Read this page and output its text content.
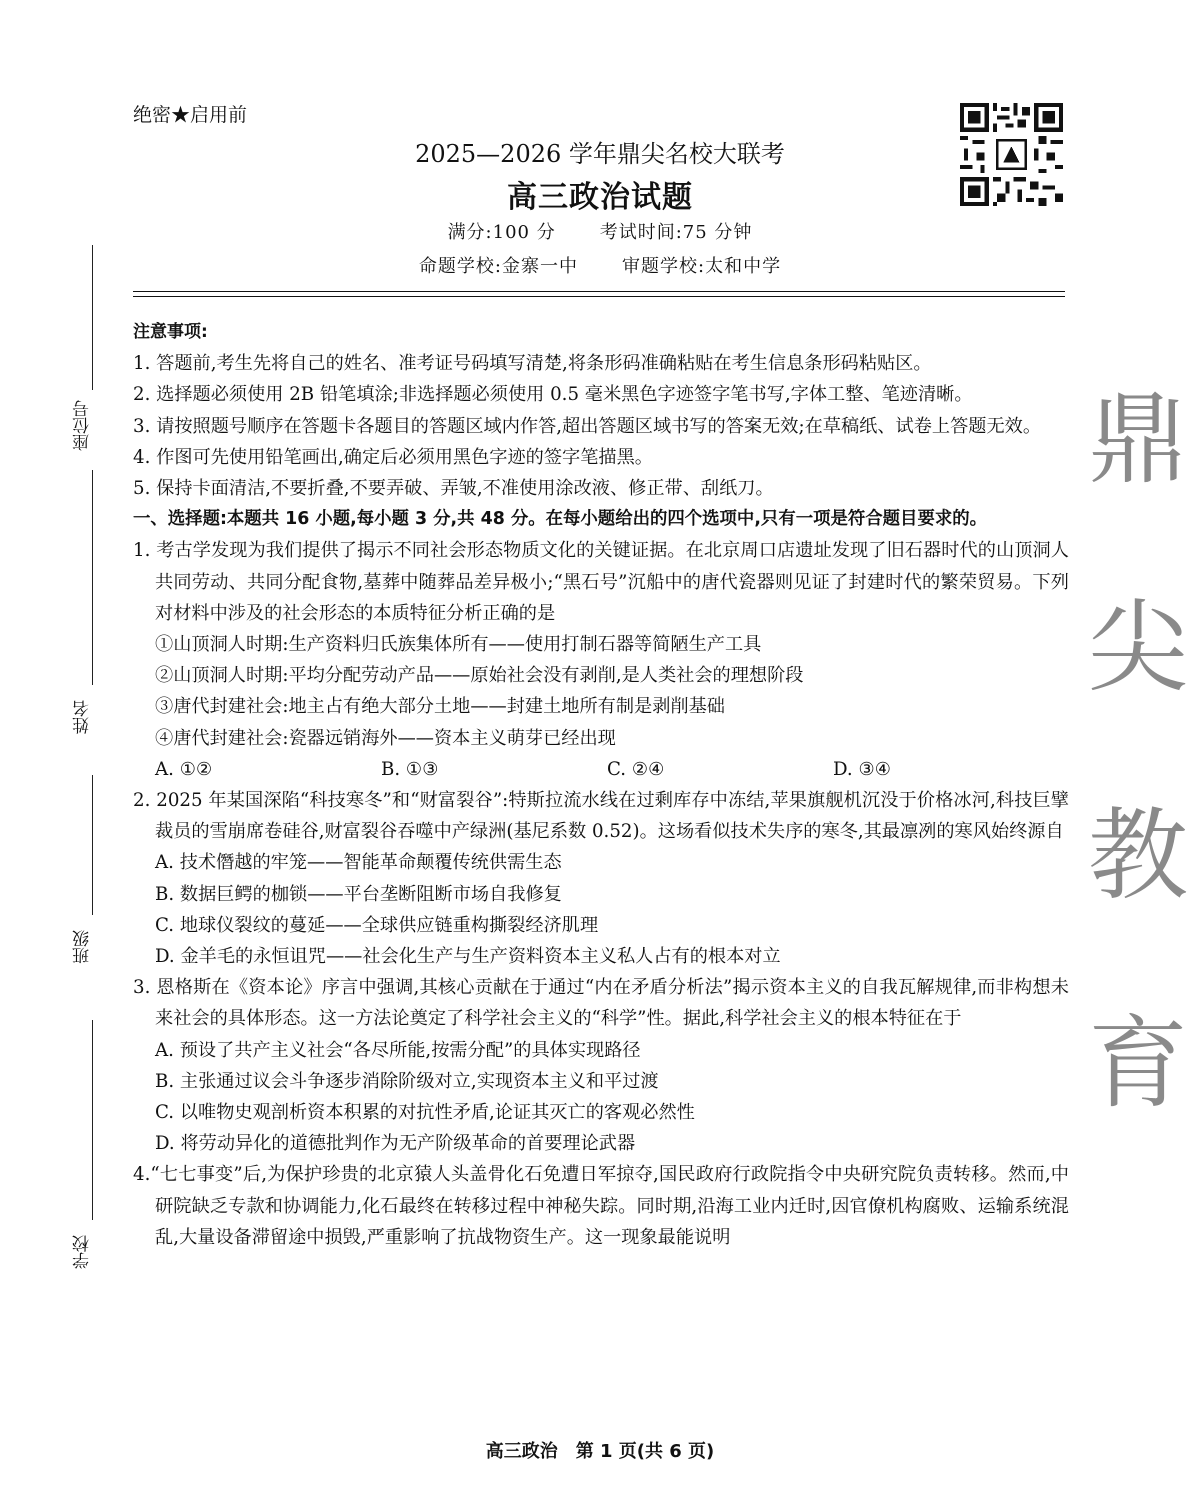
绝密★启用前
2025—2026 学年鼎尖名校大联考
高三政治试题
满分:100 分 考试时间:75 分钟
命题学校:金寨一中 审题学校:太和中学
座位号
姓名
班级
学校
鼎
尖
教
育

注意事项:

1. 答题前,考生先将自己的姓名、准考证号码填写清楚,将条形码准确粘贴在考生信息条形码粘贴区。

2. 选择题必须使用 2B 铅笔填涂;非选择题必须使用 0.5 毫米黑色字迹签字笔书写,字体工整、笔迹清晰。

3. 请按照题号顺序在答题卡各题目的答题区域内作答,超出答题区域书写的答案无效;在草稿纸、试卷上答题无效。

4. 作图可先使用铅笔画出,确定后必须用黑色字迹的签字笔描黑。

5. 保持卡面清洁,不要折叠,不要弄破、弄皱,不准使用涂改液、修正带、刮纸刀。

一、选择题:本题共 16 小题,每小题 3 分,共 48 分。在每小题给出的四个选项中,只有一项是符合题目要求的。

1. 考古学发现为我们提供了揭示不同社会形态物质文化的关键证据。在北京周口店遗址发现了旧石器时代的山顶洞人共同劳动、共同分配食物,墓葬中随葬品差异极小;“黑石号”沉船中的唐代瓷器则见证了封建时代的繁荣贸易。下列对材料中涉及的社会形态的本质特征分析正确的是

①山顶洞人时期:生产资料归氏族集体所有——使用打制石器等简陋生产工具

②山顶洞人时期:平均分配劳动产品——原始社会没有剥削,是人类社会的理想阶段

③唐代封建社会:地主占有绝大部分土地——封建土地所有制是剥削基础

④唐代封建社会:瓷器远销海外——资本主义萌芽已经出现

A. ①②	B. ①③	C. ②④	D. ③④

2. 2025 年某国深陷“科技寒冬”和“财富裂谷”:特斯拉流水线在过剩库存中冻结,苹果旗舰机沉没于价格冰河,科技巨擘裁员的雪崩席卷硅谷,财富裂谷吞噬中产绿洲(基尼系数 0.52)。这场看似技术失序的寒冬,其最凛冽的寒风始终源自

A. 技术僭越的牢笼——智能革命颠覆传统供需生态

B. 数据巨鳄的枷锁——平台垄断阻断市场自我修复

C. 地球仪裂纹的蔓延——全球供应链重构撕裂经济肌理

D. 金羊毛的永恒诅咒——社会化生产与生产资料资本主义私人占有的根本对立

3. 恩格斯在《资本论》序言中强调,其核心贡献在于通过“内在矛盾分析法”揭示资本主义的自我瓦解规律,而非构想未来社会的具体形态。这一方法论奠定了科学社会主义的“科学”性。据此,科学社会主义的根本特征在于

A. 预设了共产主义社会“各尽所能,按需分配”的具体实现路径

B. 主张通过议会斗争逐步消除阶级对立,实现资本主义和平过渡

C. 以唯物史观剖析资本积累的对抗性矛盾,论证其灭亡的客观必然性

D. 将劳动异化的道德批判作为无产阶级革命的首要理论武器

4.“七七事变”后,为保护珍贵的北京猿人头盖骨化石免遭日军掠夺,国民政府行政院指令中央研究院负责转移。然而,中研院缺乏专款和协调能力,化石最终在转移过程中神秘失踪。同时期,沿海工业内迁时,因官僚机构腐败、运输系统混乱,大量设备滞留途中损毁,严重影响了抗战物资生产。这一现象最能说明

高三政治　第 1 页(共 6 页)
